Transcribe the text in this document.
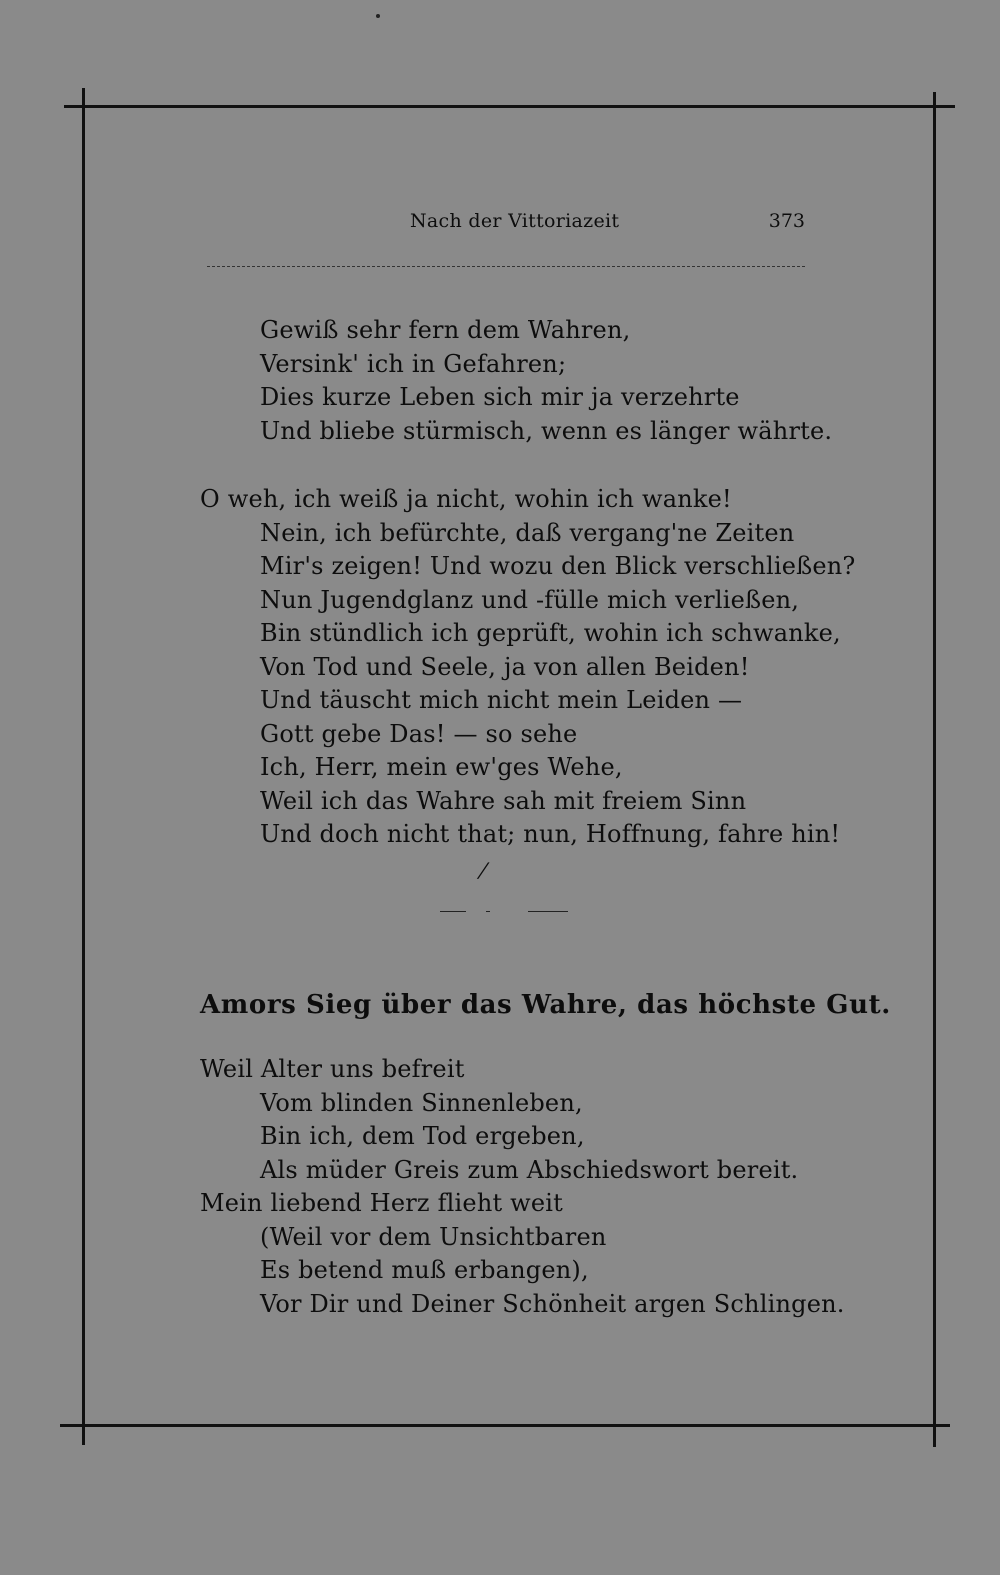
Nach der Vittoriazeit	373
Gewiß sehr fern dem Wahren,
Versink' ich in Gefahren;
Dies kurze Leben sich mir ja verzehrte
Und bliebe stürmisch, wenn es länger währte.
O weh, ich weiß ja nicht, wohin ich wanke!
Nein, ich befürchte, daß vergang'ne Zeiten
Mir's zeigen! Und wozu den Blick verschließen?
Nun Jugendglanz und -fülle mich verließen,
Bin stündlich ich geprüft, wohin ich schwanke,
Von Tod und Seele, ja von allen Beiden!
Und täuscht mich nicht mein Leiden —
Gott gebe Das! — so sehe
Ich, Herr, mein ew'ges Wehe,
Weil ich das Wahre sah mit freiem Sinn
Und doch nicht that; nun, Hoffnung, fahre hin!
/
Amors Sieg über das Wahre, das höchste Gut.
Weil Alter uns befreit
Vom blinden Sinnenleben,
Bin ich, dem Tod ergeben,
Als müder Greis zum Abschiedswort bereit.
Mein liebend Herz flieht weit
(Weil vor dem Unsichtbaren
Es betend muß erbangen),
Vor Dir und Deiner Schönheit argen Schlingen.
